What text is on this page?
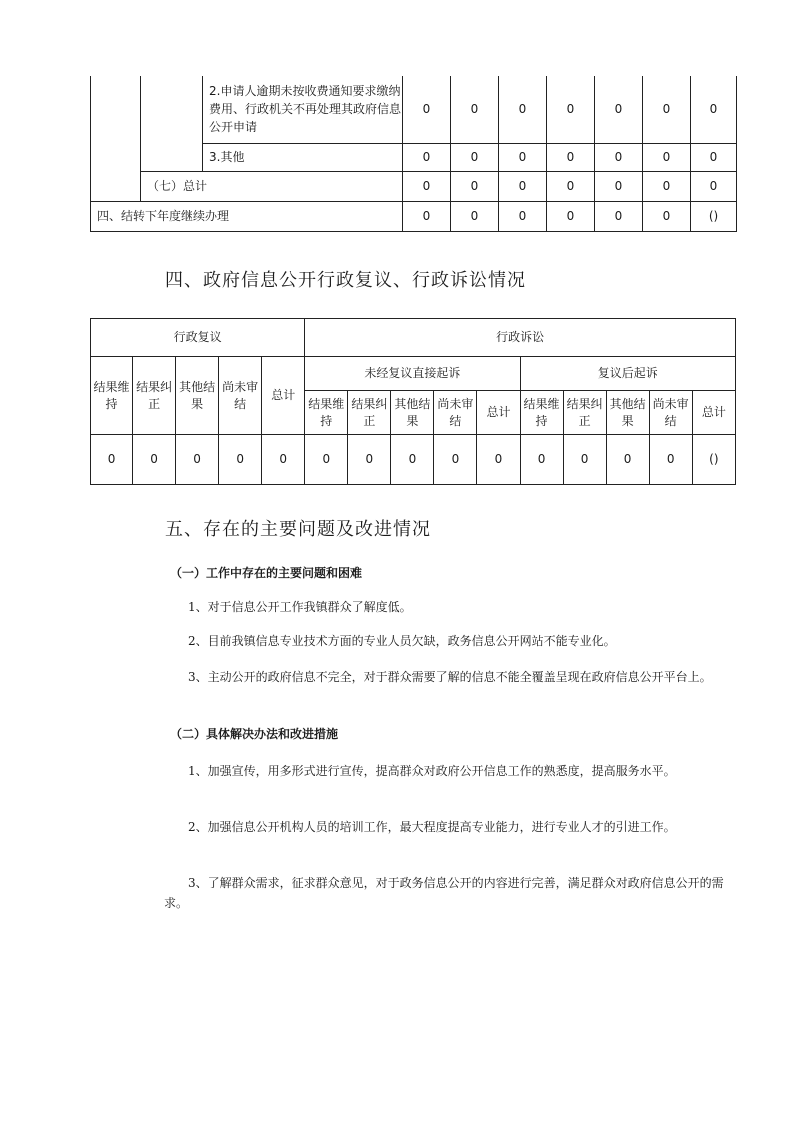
		2.申请人逾期未按收费通知要求缴纳费用、行政机关不再处理其政府信息公开申请	0	0	0	0	0	0	0
		3.其他	0	0	0	0	0	0	0
	（七）总计		0	0	0	0	0	0	0
四、结转下年度继续办理			0	0	0	0	0	0	()
四、政府信息公开行政复议、行政诉讼情况
行政复议					行政诉讼									
结果维持	结果纠正	其他结果	尚未审结	总计	未经复议直接起诉					复议后起诉				
					结果维持	结果纠正	其他结果	尚未审结	总计	结果维持	结果纠正	其他结果	尚未审结	总计
0	0	0	0	0	0	0	0	0	0	0	0	0	0	()
五、存在的主要问题及改进情况

（一）工作中存在的主要问题和困难

1、对于信息公开工作我镇群众了解度低。

2、目前我镇信息专业技术方面的专业人员欠缺，政务信息公开网站不能专业化。

3、主动公开的政府信息不完全，对于群众需要了解的信息不能全覆盖呈现在政府信息公开平台上。

（二）具体解决办法和改进措施

1、加强宣传，用多形式进行宣传，提高群众对政府公开信息工作的熟悉度，提高服务水平。

2、加强信息公开机构人员的培训工作，最大程度提高专业能力，进行专业人才的引进工作。

3、了解群众需求，征求群众意见，对于政务信息公开的内容进行完善，满足群众对政府信息公开的需求。
